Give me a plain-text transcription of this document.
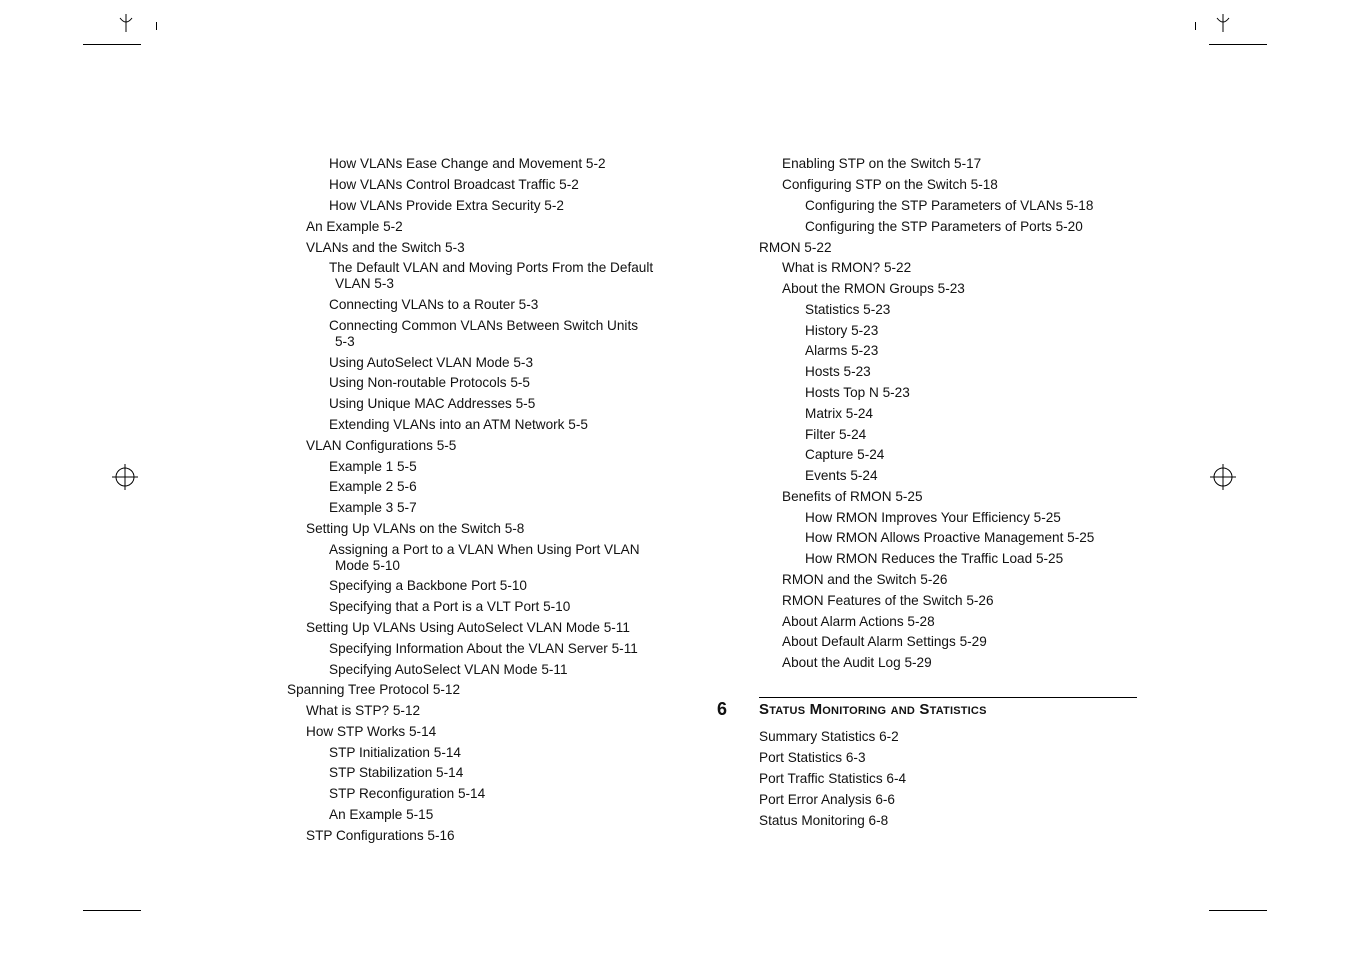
How VLANs Ease Change and Movement 5-2
How VLANs Control Broadcast Traffic 5-2
How VLANs Provide Extra Security 5-2
An Example 5-2
VLANs and the Switch 5-3
The Default VLAN and Moving Ports From the Default
VLAN 5-3
Connecting VLANs to a Router 5-3
Connecting Common VLANs Between Switch Units
5-3
Using AutoSelect VLAN Mode 5-3
Using Non-routable Protocols 5-5
Using Unique MAC Addresses 5-5
Extending VLANs into an ATM Network 5-5
VLAN Configurations 5-5
Example 1 5-5
Example 2 5-6
Example 3 5-7
Setting Up VLANs on the Switch 5-8
Assigning a Port to a VLAN When Using Port VLAN
Mode 5-10
Specifying a Backbone Port 5-10
Specifying that a Port is a VLT Port 5-10
Setting Up VLANs Using AutoSelect VLAN Mode 5-11
Specifying Information About the VLAN Server 5-11
Specifying AutoSelect VLAN Mode 5-11
Spanning Tree Protocol 5-12
What is STP? 5-12
How STP Works 5-14
STP Initialization 5-14
STP Stabilization 5-14
STP Reconfiguration 5-14
An Example 5-15
STP Configurations 5-16
Enabling STP on the Switch 5-17
Configuring STP on the Switch 5-18
Configuring the STP Parameters of VLANs 5-18
Configuring the STP Parameters of Ports 5-20
RMON 5-22
What is RMON? 5-22
About the RMON Groups 5-23
Statistics 5-23
History 5-23
Alarms 5-23
Hosts 5-23
Hosts Top N 5-23
Matrix 5-24
Filter 5-24
Capture 5-24
Events 5-24
Benefits of RMON 5-25
How RMON Improves Your Efficiency 5-25
How RMON Allows Proactive Management 5-25
How RMON Reduces the Traffic Load 5-25
RMON and the Switch 5-26
RMON Features of the Switch 5-26
About Alarm Actions 5-28
About Default Alarm Settings 5-29
About the Audit Log 5-29
6 Status Monitoring and Statistics
Summary Statistics 6-2
Port Statistics 6-3
Port Traffic Statistics 6-4
Port Error Analysis 6-6
Status Monitoring 6-8
